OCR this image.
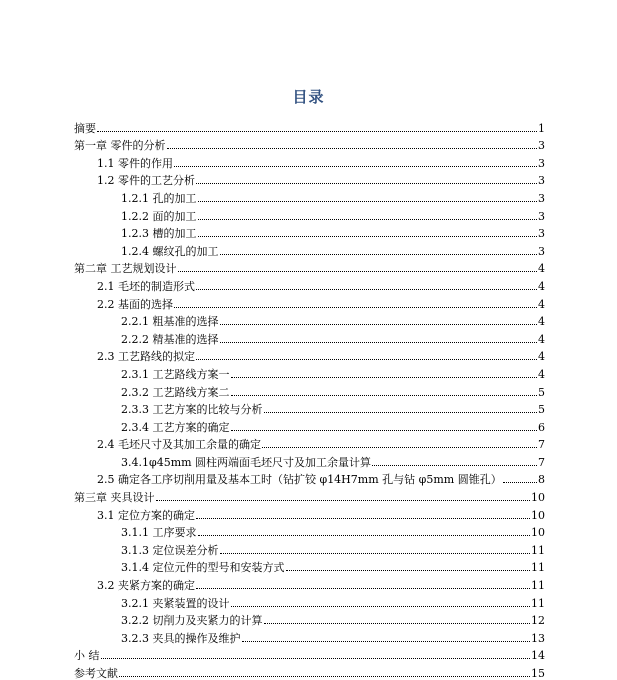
目录
摘要	1
第一章 零件的分析	3
1.1 零件的作用	3
1.2 零件的工艺分析	3
1.2.1 孔的加工	3
1.2.2 面的加工	3
1.2.3 槽的加工	3
1.2.4 螺纹孔的加工	3
第二章 工艺规划设计	4
2.1 毛坯的制造形式	4
2.2 基面的选择	4
2.2.1 粗基准的选择	4
2.2.2 精基准的选择	4
2.3 工艺路线的拟定	4
2.3.1 工艺路线方案一	4
2.3.2 工艺路线方案二	5
2.3.3 工艺方案的比较与分析	5
2.3.4 工艺方案的确定	6
2.4 毛坯尺寸及其加工余量的确定	7
3.4.1φ45mm 圆柱两端面毛坯尺寸及加工余量计算	7
2.5 确定各工序切削用量及基本工时（钻扩铰 φ14H7mm 孔与钻 φ5mm 圆锥孔）	8
第三章 夹具设计	10
3.1 定位方案的确定	10
3.1.1 工序要求	10
3.1.3 定位误差分析	11
3.1.4 定位元件的型号和安装方式	11
3.2 夹紧方案的确定	11
3.2.1 夹紧装置的设计	11
3.2.2 切削力及夹紧力的计算	12
3.2.3 夹具的操作及维护	13
小 结	14
参考文献	15
